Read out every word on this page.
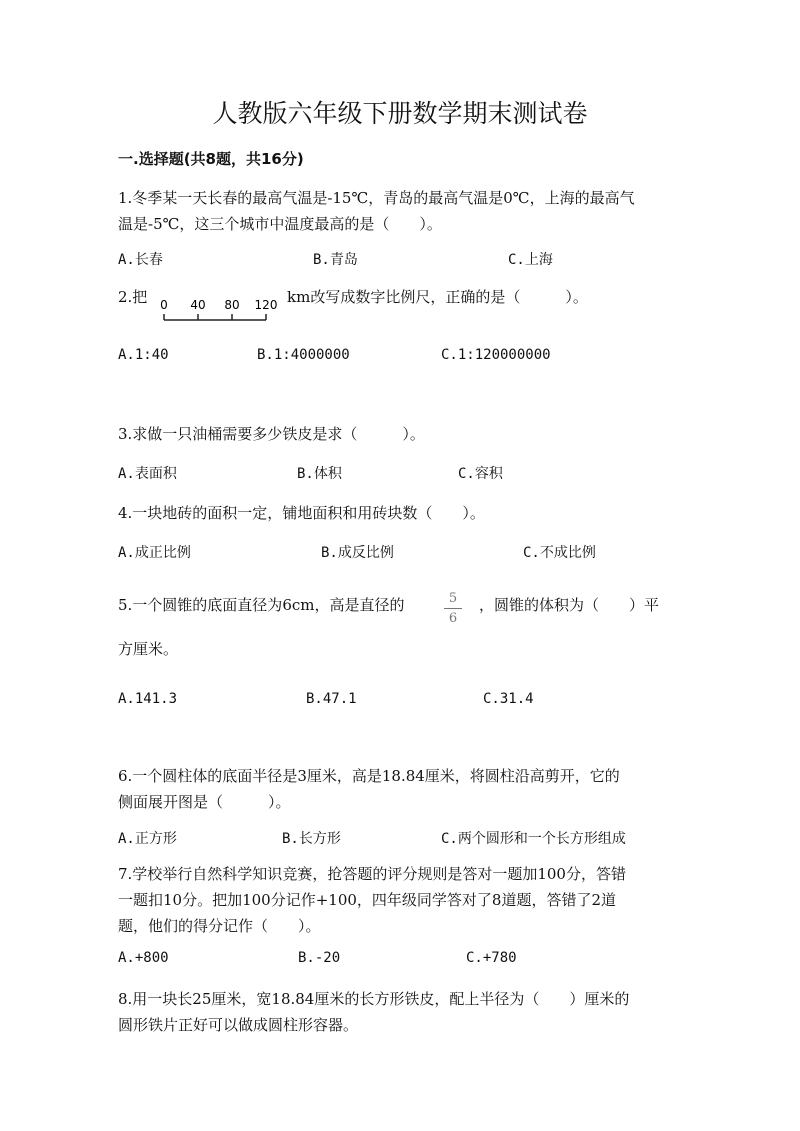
人教版六年级下册数学期末测试卷
一.选择题(共8题，共16分)
1.冬季某一天长春的最高气温是-15℃，青岛的最高气温是0℃，上海的最高气
温是-5℃，这三个城市中温度最高的是（　　）。
A.长春	B.青岛	C.上海
2.把 0 40 80 120 km改写成数字比例尺，正确的是（　　　）。
A.1:40	B.1:4000000	C.1:120000000
3.求做一只油桶需要多少铁皮是求（　　　）。
A.表面积	B.体积	C.容积
4.一块地砖的面积一定，铺地面积和用砖块数（　　）。
A.成正比例	B.成反比例	C.不成比例
5.一个圆锥的底面直径为6cm，高是直径的	5
6
，圆锥的体积为（　　）平
方厘米。
A.141.3	B.47.1	C.31.4
6.一个圆柱体的底面半径是3厘米，高是18.84厘米，将圆柱沿高剪开，它的
侧面展开图是（　　　）。
A.正方形	B.长方形	C.两个圆形和一个长方形组成
7.学校举行自然科学知识竞赛，抢答题的评分规则是答对一题加100分，答错
一题扣10分。把加100分记作+100，四年级同学答对了8道题，答错了2道
题，他们的得分记作（　　）。
A.+800	B.-20	C.+780
8.用一块长25厘米，宽18.84厘米的长方形铁皮，配上半径为（　　）厘米的
圆形铁片正好可以做成圆柱形容器。
